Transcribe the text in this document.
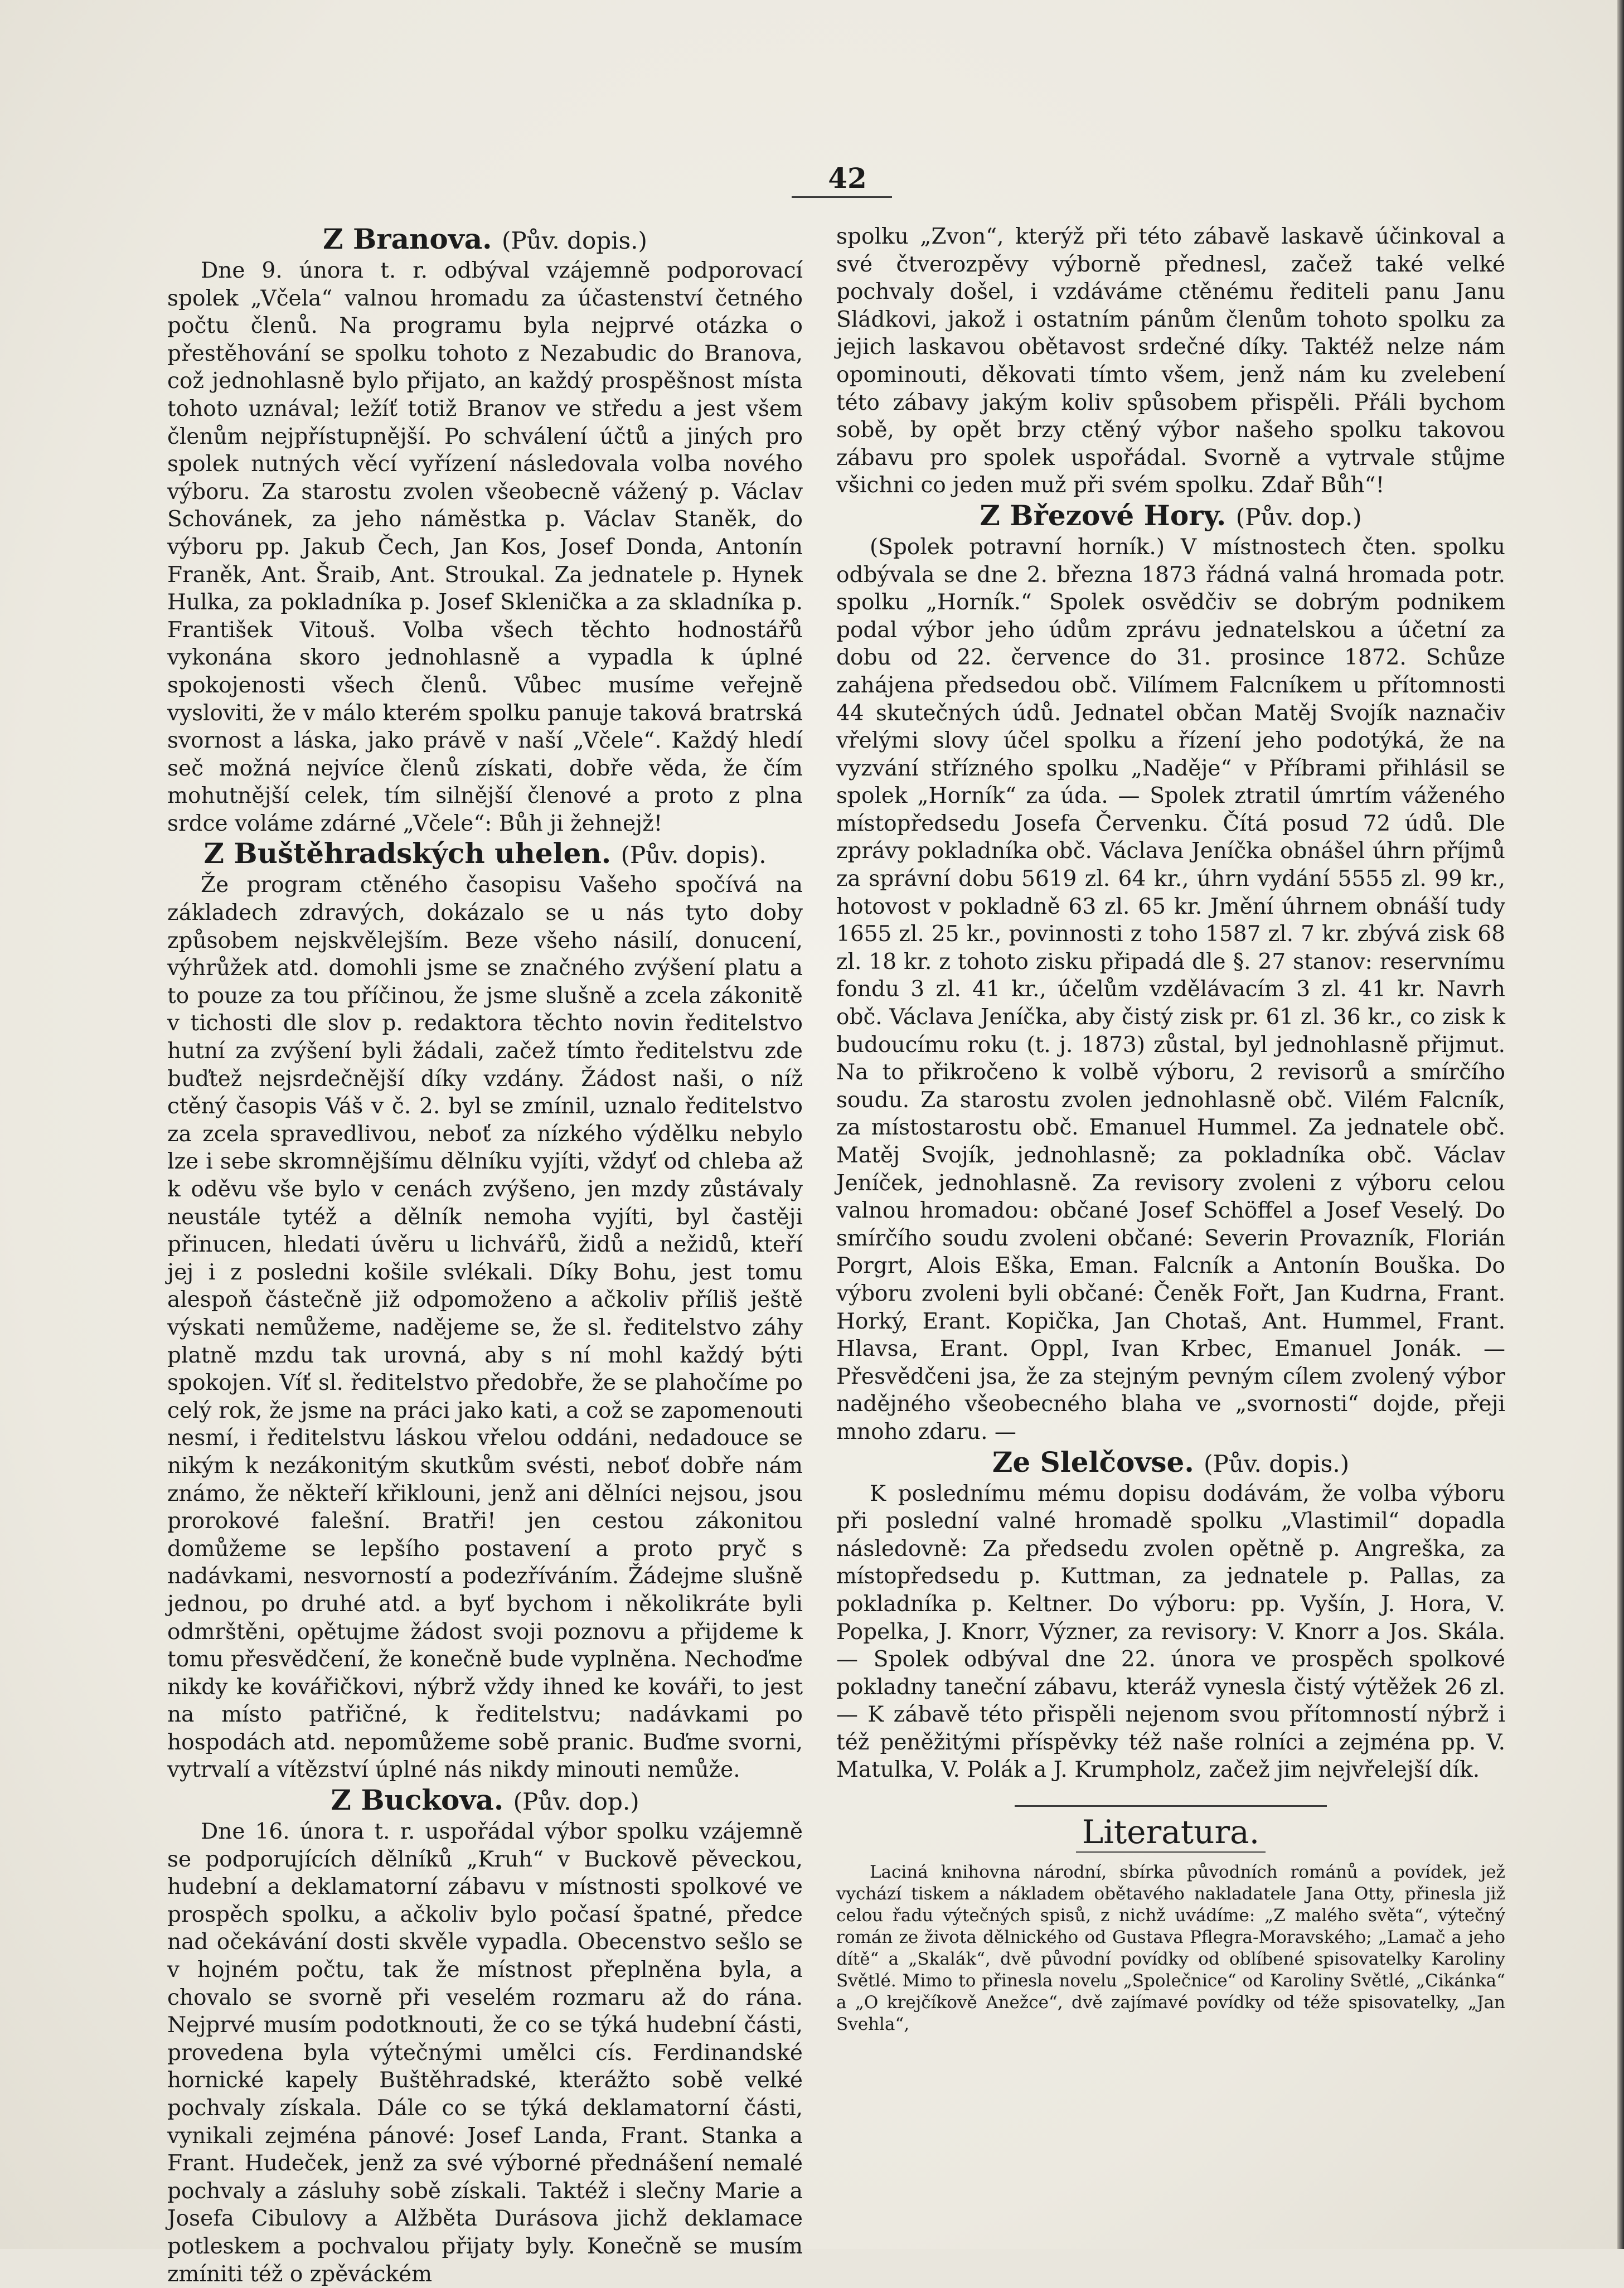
42
Z Branova. (Pův. dopis.)

Dne 9. února t. r. odbýval vzájemně podporovací spolek „Včela“ valnou hromadu za účastenství četného počtu členů. Na programu byla nejprvé otázka o přestěhování se spolku tohoto z Nezabudic do Branova, což jednohlasně bylo přijato, an každý prospěšnost místa tohoto uznával; ležíť totiž Branov ve středu a jest všem členům nejpřístupnější. Po schválení účtů a jiných pro spolek nutných věcí vyřízení následovala volba nového výboru. Za starostu zvolen všeobecně vážený p. Václav Schovánek, za jeho náměstka p. Václav Staněk, do výboru pp. Jakub Čech, Jan Kos, Josef Donda, Antonín Franěk, Ant. Šraib, Ant. Stroukal. Za jednatele p. Hynek Hulka, za pokladníka p. Josef Sklenička a za skladníka p. František Vitouš. Volba všech těchto hodnostářů vykonána skoro jednohlasně a vypadla k úplné spokojenosti všech členů. Vůbec musíme veřejně vysloviti, že v málo kterém spolku panuje taková bratrská svornost a láska, jako právě v naší „Včele“. Každý hledí seč možná nejvíce členů získati, dobře věda, že čím mohutnější celek, tím silnější členové a proto z plna srdce voláme zdárné „Včele“: Bůh ji žehnejž!

Z Buštěhradských uhelen. (Pův. dopis).

Že program ctěného časopisu Vašeho spočívá na základech zdravých, dokázalo se u nás tyto doby způsobem nejskvělejším. Beze všeho násilí, donucení, výhrůžek atd. domohli jsme se značného zvýšení platu a to pouze za tou příčinou, že jsme slušně a zcela zákonitě v tichosti dle slov p. redaktora těchto novin ředitelstvo hutní za zvýšení byli žádali, začež tímto ředitelstvu zde buďtež nejsrdečnější díky vzdány. Žádost naši, o níž ctěný časopis Váš v č. 2. byl se zmínil, uznalo ředitelstvo za zcela spravedlivou, neboť za nízkého výdělku nebylo lze i sebe skromnějšímu dělníku vyjíti, vždyť od chleba až k oděvu vše bylo v cenách zvýšeno, jen mzdy zůstávaly neustále tytéž a dělník nemoha vyjíti, byl častěji přinucen, hledati úvěru u lichvářů, židů a nežidů, kteří jej i z posledni košile svlékali. Díky Bohu, jest tomu alespoň částečně již odpomoženo a ačkoliv příliš ještě výskati nemůžeme, nadějeme se, že sl. ředitelstvo záhy platně mzdu tak urovná, aby s ní mohl každý býti spokojen. Víť sl. ředitelstvo předobře, že se plahočíme po celý rok, že jsme na práci jako kati, a což se zapomenouti nesmí, i ředitelstvu láskou vřelou oddáni, nedadouce se nikým k nezákonitým skutkům svésti, neboť dobře nám známo, že někteří křiklouni, jenž ani dělníci nejsou, jsou prorokové falešní. Bratři! jen cestou zákonitou domůžeme se lepšího postavení a proto pryč s nadávkami, nesvorností a podezříváním. Žádejme slušně jednou, po druhé atd. a byť bychom i několikráte byli odmrštěni, opětujme žádost svoji poznovu a přijdeme k tomu přesvědčení, že konečně bude vyplněna. Nechoďme nikdy ke kovářičkovi, nýbrž vždy ihned ke kováři, to jest na místo patřičné, k ředitelstvu; nadávkami po hospodách atd. nepomůžeme sobě pranic. Buďme svorni, vytrvalí a vítězství úplné nás nikdy minouti nemůže.

Z Buckova. (Pův. dop.)

Dne 16. února t. r. uspořádal výbor spolku vzájemně se podporujících dělníků „Kruh“ v Buckově pěveckou, hudební a deklamatorní zábavu v místnosti spolkové ve prospěch spolku, a ačkoliv bylo počasí špatné, předce nad očekávání dosti skvěle vypadla. Obecenstvo sešlo se v hojném počtu, tak že místnost přeplněna byla, a chovalo se svorně při veselém rozmaru až do rána. Nejprvé musím podotknouti, že co se týká hudební části, provedena byla výtečnými umělci cís. Ferdinandské hornické kapely Buštěhradské, kterážto sobě velké pochvaly získala. Dále co se týká deklamatorní části, vynikali zejména pánové: Josef Landa, Frant. Stanka a Frant. Hudeček, jenž za své výborné přednášení nemalé pochvaly a zásluhy sobě získali. Taktéž i slečny Marie a Josefa Cibulovy a Alžběta Durásova jichž deklamace potleskem a pochvalou přijaty byly. Konečně se musím zmíniti též o zpěváckém

spolku „Zvon“, kterýž při této zábavě laskavě účinkoval a své čtverozpěvy výborně přednesl, začež také velké pochvaly došel, i vzdáváme ctěnému řediteli panu Janu Sládkovi, jakož i ostatním pánům členům tohoto spolku za jejich laskavou obětavost srdečné díky. Taktéž nelze nám opominouti, děkovati tímto všem, jenž nám ku zvelebení této zábavy jakým koliv spůsobem přispěli. Přáli bychom sobě, by opět brzy ctěný výbor našeho spolku takovou zábavu pro spolek uspořádal. Svorně a vytrvale stůjme všichni co jeden muž při svém spolku. Zdař Bůh“!

Z Březové Hory. (Pův. dop.)

(Spolek potravní horník.) V místnostech čten. spolku odbývala se dne 2. března 1873 řádná valná hromada potr. spolku „Horník.“ Spolek osvědčiv se dobrým podnikem podal výbor jeho údům zprávu jednatelskou a účetní za dobu od 22. července do 31. prosince 1872. Schůze zahájena předsedou obč. Vilímem Falcníkem u přítomnosti 44 skutečných údů. Jednatel občan Matěj Svojík naznačiv vřelými slovy účel spolku a řízení jeho podotýká, že na vyzvání střízného spolku „Naděje“ v Příbrami přihlásil se spolek „Horník“ za úda. — Spolek ztratil úmrtím váženého místopředsedu Josefa Červenku. Čítá posud 72 údů. Dle zprávy pokladníka obč. Václava Jeníčka obnášel úhrn příjmů za správní dobu 5619 zl. 64 kr., úhrn vydání 5555 zl. 99 kr., hotovost v pokladně 63 zl. 65 kr. Jmění úhrnem obnáší tudy 1655 zl. 25 kr., povinnosti z toho 1587 zl. 7 kr. zbývá zisk 68 zl. 18 kr. z tohoto zisku připadá dle §. 27 stanov: reservnímu fondu 3 zl. 41 kr., účelům vzdělávacím 3 zl. 41 kr. Navrh obč. Václava Jeníčka, aby čistý zisk pr. 61 zl. 36 kr., co zisk k budoucímu roku (t. j. 1873) zůstal, byl jednohlasně přijmut. Na to přikročeno k volbě výboru, 2 revisorů a smírčího soudu. Za starostu zvolen jednohlasně obč. Vilém Falcník, za místostarostu obč. Emanuel Hummel. Za jednatele obč. Matěj Svojík, jednohlasně; za pokladníka obč. Václav Jeníček, jednohlasně. Za revisory zvoleni z výboru celou valnou hromadou: občané Josef Schöffel a Josef Veselý. Do smírčího soudu zvoleni občané: Severin Provazník, Florián Porgrt, Alois Eška, Eman. Falcník a Antonín Bouška. Do výboru zvoleni byli občané: Čeněk Fořt, Jan Kudrna, Frant. Horký, Erant. Kopička, Jan Chotaš, Ant. Hummel, Frant. Hlavsa, Erant. Oppl, Ivan Krbec, Emanuel Jonák. — Přesvědčeni jsa, že za stejným pevným cílem zvolený výbor nadějného všeobecného blaha ve „svornosti“ dojde, přeji mnoho zdaru. —

Ze Slelčovse. (Pův. dopis.)

K poslednímu mému dopisu dodávám, že volba výboru při poslední valné hromadě spolku „Vlastimil“ dopadla následovně: Za předsedu zvolen opětně p. Angreška, za místopředsedu p. Kuttman, za jednatele p. Pallas, za pokladníka p. Keltner. Do výboru: pp. Vyšín, J. Hora, V. Popelka, J. Knorr, Význer, za revisory: V. Knorr a Jos. Skála. — Spolek odbýval dne 22. února ve prospěch spolkové pokladny taneční zábavu, kteráž vynesla čistý výtěžek 26 zl. — K zábavě této přispěli nejenom svou přítomností nýbrž i též peněžitými příspěvky též naše rolníci a zejména pp. V. Matulka, V. Polák a J. Krumpholz, začež jim nejvřelejší dík.

Literatura.

Laciná knihovna národní, sbírka původních románů a povídek, jež vychází tiskem a nákladem obětavého nakladatele Jana Otty, přinesla již celou řadu výtečných spisů, z nichž uvádíme: „Z malého světa“, výtečný román ze života dělnického od Gustava Pflegra-Moravského; „Lamač a jeho dítě“ a „Skalák“, dvě původní povídky od oblíbené spisovatelky Karoliny Světlé. Mimo to přinesla novelu „Společnice“ od Karoliny Světlé, „Cikánka“ a „O krejčíkově Anežce“, dvě zajímavé povídky od téže spisovatelky, „Jan Svehla“,
